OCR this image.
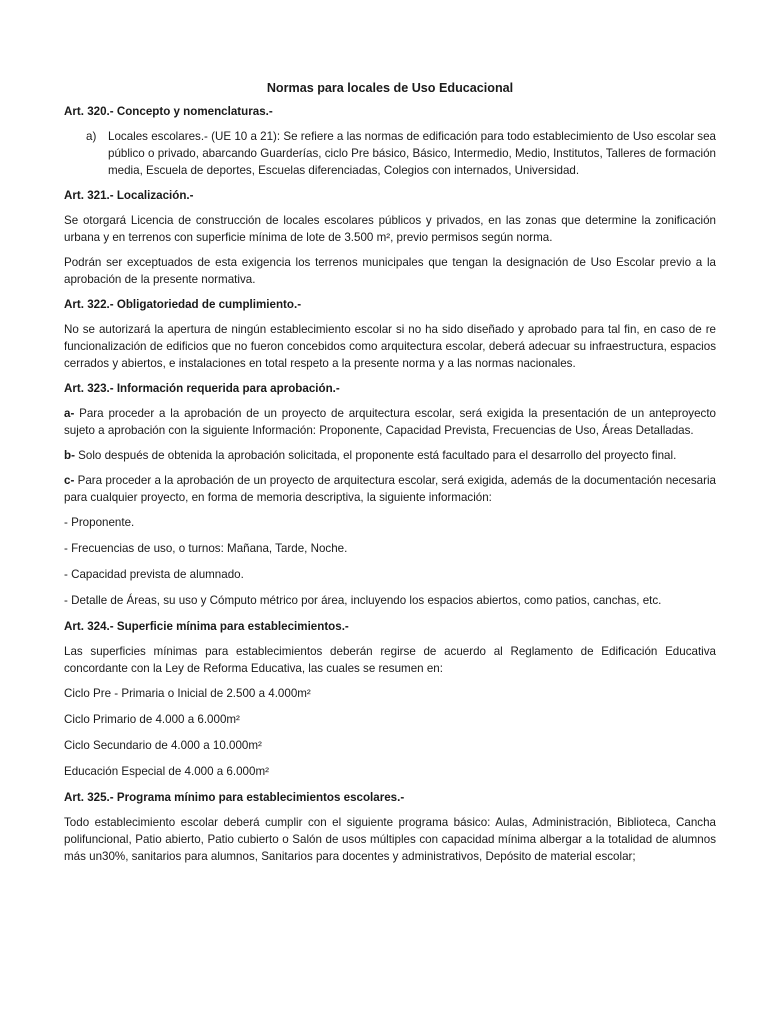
Normas para locales de Uso Educacional
Art. 320.- Concepto y nomenclaturas.-
a)	Locales escolares.- (UE 10 a 21): Se refiere a las normas de edificación para todo establecimiento de Uso escolar sea público o privado, abarcando Guarderías, ciclo Pre básico, Básico, Intermedio, Medio, Institutos, Talleres de formación media, Escuela de deportes, Escuelas diferenciadas, Colegios con internados, Universidad.
Art. 321.- Localización.-
Se otorgará Licencia de construcción de locales escolares públicos y privados, en las zonas que determine la zonificación urbana y en terrenos con superficie mínima de lote de 3.500 m², previo permisos según norma.
Podrán ser exceptuados de esta exigencia los terrenos municipales que tengan la designación de Uso Escolar previo a la aprobación de la presente normativa.
Art. 322.- Obligatoriedad de cumplimiento.-
No se autorizará la apertura de ningún establecimiento escolar si no ha sido diseñado y aprobado para tal fin, en caso de re funcionalización de edificios que no fueron concebidos como arquitectura escolar, deberá adecuar su infraestructura, espacios cerrados y abiertos, e instalaciones en total respeto a la presente norma y a las normas nacionales.
Art. 323.- Información requerida para aprobación.-
a- Para proceder a la aprobación de un proyecto de arquitectura escolar, será exigida la presentación de un anteproyecto sujeto a aprobación con la siguiente Información: Proponente, Capacidad Prevista, Frecuencias de Uso, Áreas Detalladas.
b- Solo después de obtenida la aprobación solicitada, el proponente está facultado para el desarrollo del proyecto final.
c- Para proceder a la aprobación de un proyecto de arquitectura escolar, será exigida, además de la documentación necesaria para cualquier proyecto, en forma de memoria descriptiva, la siguiente información:
- Proponente.
- Frecuencias de uso, o turnos: Mañana, Tarde, Noche.
- Capacidad prevista de alumnado.
- Detalle de Áreas, su uso y Cómputo métrico por área, incluyendo los espacios abiertos, como patios, canchas, etc.
Art. 324.- Superficie mínima para establecimientos.-
Las superficies mínimas para establecimientos deberán regirse de acuerdo al Reglamento de Edificación Educativa concordante con la Ley de Reforma Educativa, las cuales se resumen en:
Ciclo Pre - Primaria o Inicial de 2.500 a 4.000m²
Ciclo Primario de 4.000 a 6.000m²
Ciclo Secundario de 4.000 a 10.000m²
Educación Especial de 4.000 a 6.000m²
Art. 325.- Programa mínimo para establecimientos escolares.-
Todo establecimiento escolar deberá cumplir con el siguiente programa básico: Aulas, Administración, Biblioteca, Cancha polifuncional, Patio abierto, Patio cubierto o Salón de usos múltiples con capacidad mínima albergar a la totalidad de alumnos más un30%, sanitarios para alumnos, Sanitarios para docentes y administrativos, Depósito de material escolar;
